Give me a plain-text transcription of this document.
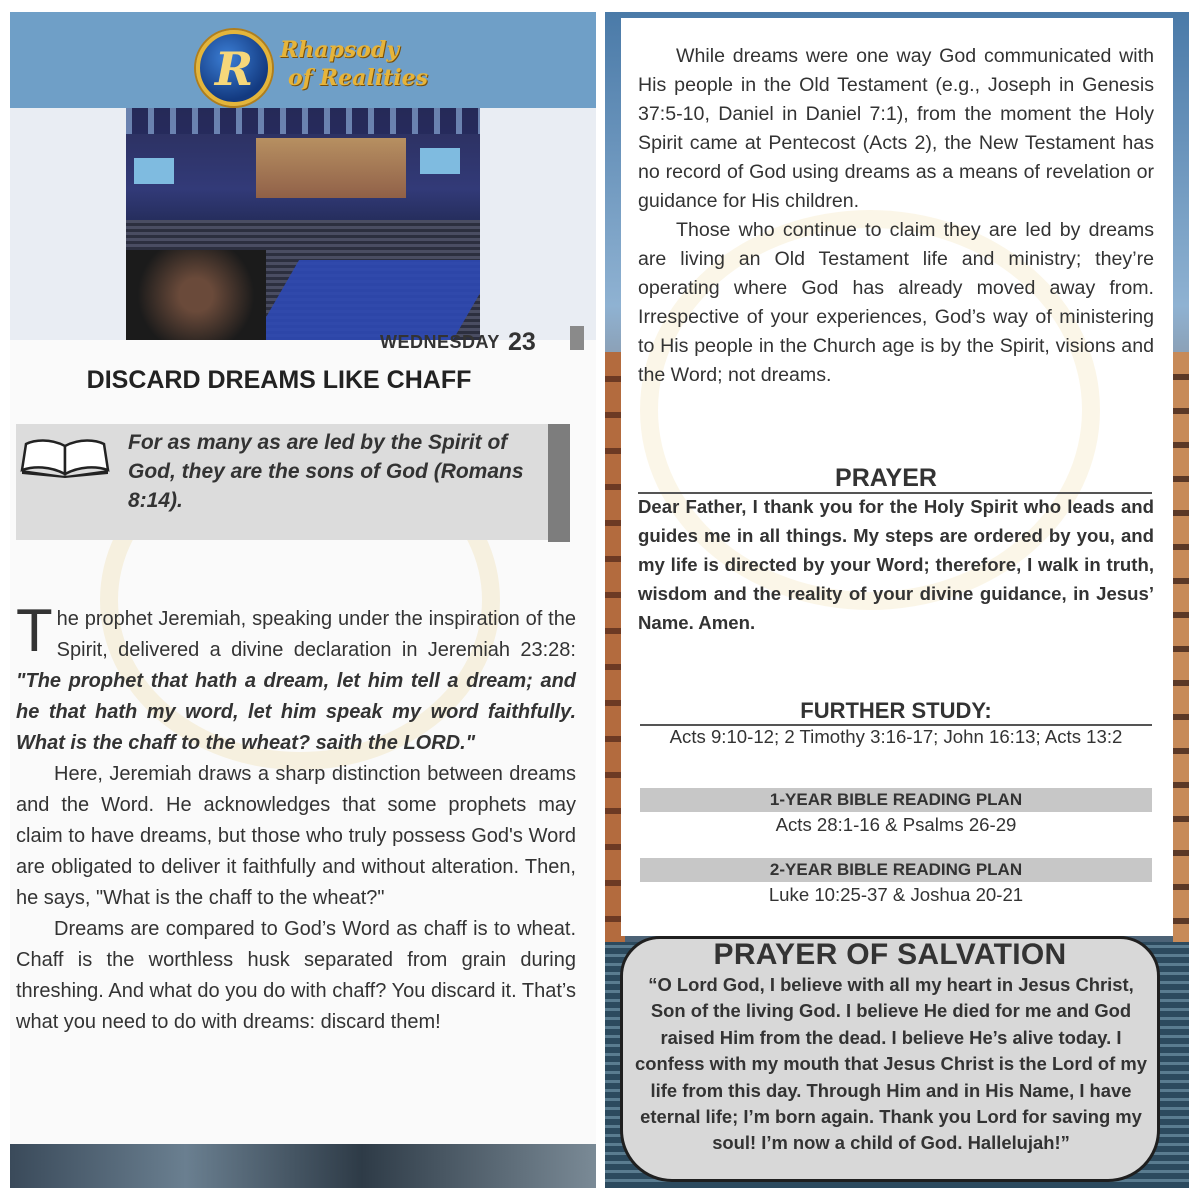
R	Rhapsody
of Realities
WEDNESDAY 23
DISCARD DREAMS LIKE CHAFF
For as many as are led by the Spirit of God, they are the sons of God (Romans 8:14).

The prophet Jeremiah, speaking under the inspiration of the Spirit, delivered a divine declaration in Jeremiah 23:28: "The prophet that hath a dream, let him tell a dream; and he that hath my word, let him speak my word faithfully. What is the chaff to the wheat? saith the LORD."

Here, Jeremiah draws a sharp distinction between dreams and the Word. He acknowledges that some prophets may claim to have dreams, but those who truly possess God's Word are obligated to deliver it faithfully and without alteration. Then, he says, "What is the chaff to the wheat?"

Dreams are compared to God’s Word as chaff is to wheat. Chaff is the worthless husk separated from grain during threshing. And what do you do with chaff? You discard it. That’s what you need to do with dreams: discard them!

While dreams were one way God communicated with His people in the Old Testament (e.g., Joseph in Genesis 37:5-10, Daniel in Daniel 7:1), from the moment the Holy Spirit came at Pentecost (Acts 2), the New Testament has no record of God using dreams as a means of revelation or guidance for His children.

Those who continue to claim they are led by dreams are living an Old Testament life and ministry; they’re operating where God has already moved away from. Irrespective of your experiences, God’s way of ministering to His people in the Church age is by the Spirit, visions and the Word; not dreams.

PRAYER
Dear Father, I thank you for the Holy Spirit who leads and guides me in all things. My steps are ordered by you, and my life is directed by your Word; therefore, I walk in truth, wisdom and the reality of your divine guidance, in Jesus’ Name. Amen.
FURTHER STUDY:
Acts 9:10-12; 2 Timothy 3:16-17; John 16:13; Acts 13:2
1-YEAR BIBLE READING PLAN
Acts 28:1-16 & Psalms 26-29
2-YEAR BIBLE READING PLAN
Luke 10:25-37 & Joshua 20-21
PRAYER OF SALVATION
“O Lord God, I believe with all my heart in Jesus Christ, Son of the living God. I believe He died for me and God raised Him from the dead. I believe He’s alive today. I confess with my mouth that Jesus Christ is the Lord of my life from this day. Through Him and in His Name, I have eternal life; I’m born again. Thank you Lord for saving my soul! I’m now a child of God. Hallelujah!”
